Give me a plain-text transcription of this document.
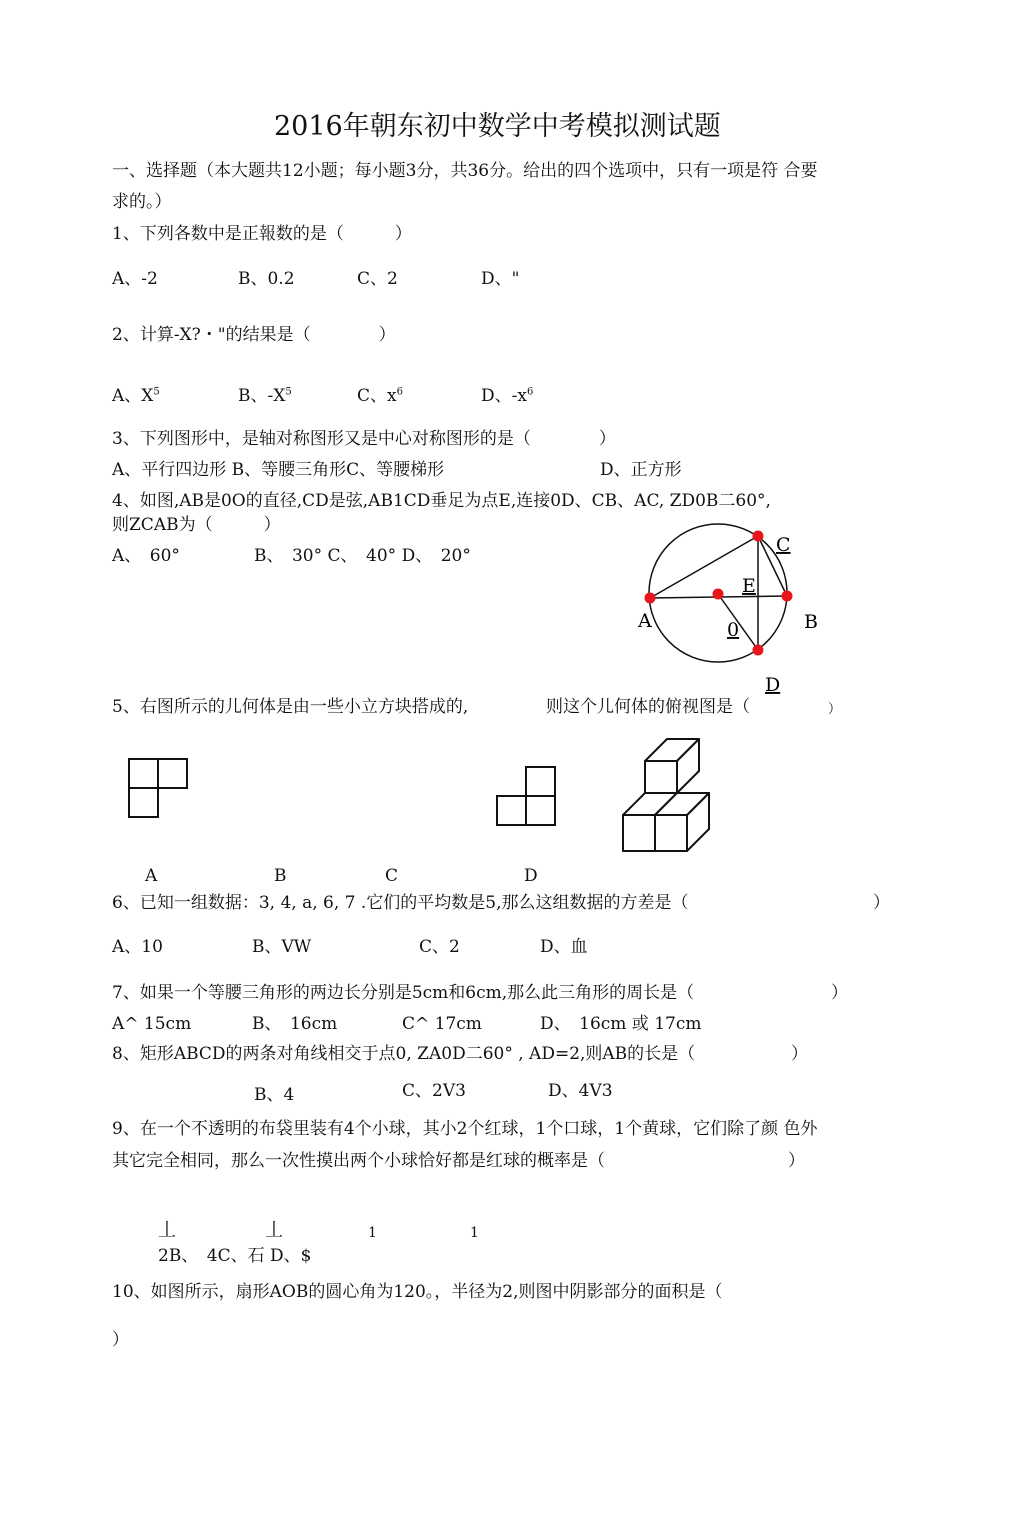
2016年朝东初中数学中考模拟测试题
一、选择题（本大题共12小题；每小题3分，共36分。给出的四个选项中，只有一项是符 合要
求的。）
1、下列各数中是正報数的是（　　　）
A、-2	B、0.2	C、2	D、"
2、计算-X?・"的结果是（　　　　）
A、$X^5$	B、$-X^5$	C、$x^6$	D、$-x^6$
3、下列图形中，是轴对称图形又是中心对称图形的是（　　　　）
A、平行四边形 B、等腰三角形C、等腰梯形	D、正方形
4、如图,AB是0O的直径,CD是弦,AB1CD垂足为点E,连接0D、CB、AC, ZD0B二60°,
则ZCAB为（　　　）
A、　60°	B、　30° C、　40° D、　20°	C
E
A	0	B
D
5、右图所示的儿何体是由一些小立方块搭成的,	则这个儿何体的俯视图是（	）
A	B	C	D
6、已知一组数据：3, 4, a, 6, 7 .它们的平均数是5,那么这组数据的方差是（	）
A、10	B、VW	C、2	D、血
7、如果一个等腰三角形的两边长分别是5cm和6cm,那么此三角形的周长是（	）
A^ 15cm	B、　16cm	C^ 17cm	D、　16cm 或 17cm
8、矩形ABCD的两条对角线相交于点0, ZA0D二60° , AD=2,则AB的长是（	）
B、4	C、2V3	D、4V3
9、在一个不透明的布袋里装有4个小球，其小2个红球，1个口球，1个黄球，它们除了颜 色外
其它完全相同，那么一次性摸出两个小球恰好都是红球的概率是（	）
丄	丄	1	1
2B、　4C、石 D、$
10、如图所示，扇形AOB的圆心角为120。，半径为2,则图中阴影部分的面积是（
）
